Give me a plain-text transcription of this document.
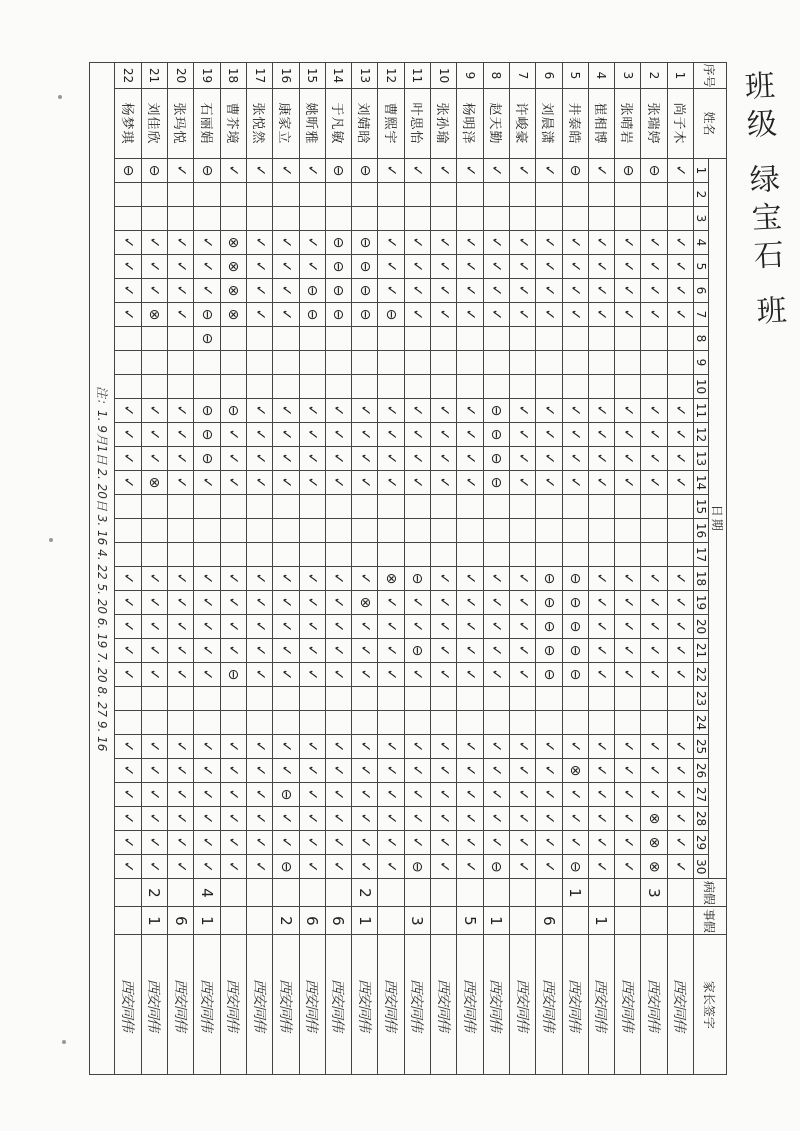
班级 绿宝石 班
序号	姓名	日期																														病假	事假	家长签字
		1	2	3	4	5	6	7	8	9	10	11	12	13	14	15	16	17	18	19	20	21	22	23	24	25	26	27	28	29	30			
1	尚子木	✓			✓	✓	✓	✓				✓	✓	✓	✓				✓	✓	✓	✓	✓			✓	✓	✓	✓	✓	✓			西安同伟
2	张瑞婷	⊖			✓	✓	✓	✓				✓	✓	✓	✓				✓	✓	✓	✓	✓			✓	✓	✓	⊗	⊗	⊗	3		西安同伟
3	张晴岩	⊖			✓	✓	✓	✓				✓	✓	✓	✓				✓	✓	✓	✓	✓			✓	✓	✓	✓	✓	✓			西安同伟
4	崔相博	✓			✓	✓	✓	✓				✓	✓	✓	✓				✓	✓	✓	✓	✓			✓	✓	✓	✓	✓	✓		1	西安同伟
5	井泰皓	⊖			✓	✓	✓	✓				✓	✓	✓	✓				⊖	⊖	⊖	⊖	⊖			✓	⊗	✓	✓	✓	⊖	1		西安同伟
6	刘晨潇	✓			✓	✓	✓	✓				✓	✓	✓	✓				⊖	⊖	⊖	⊖	⊖			✓	✓	✓	✓	✓	✓		6	西安同伟
7	许峻豪	✓			✓	✓	✓	✓				✓	✓	✓	✓				✓	✓	✓	✓	✓			✓	✓	✓	✓	✓	✓			西安同伟
8	赵天勤	✓			✓	✓	✓	✓				⊖	⊖	⊖	⊖				✓	✓	✓	✓	✓			✓	✓	✓	✓	✓	⊖		1	西安同伟
9	杨明泽	✓			✓	✓	✓	✓				✓	✓	✓	✓				✓	✓	✓	✓	✓			✓	✓	✓	✓	✓	✓		5	西安同伟
10	张孙瑜	✓			✓	✓	✓	✓				✓	✓	✓	✓				✓	✓	✓	✓	✓			✓	✓	✓	✓	✓	✓			西安同伟
11	叶思怡	✓			✓	✓	✓	✓				✓	✓	✓	✓				⊖	✓	✓	⊖	✓			✓	✓	✓	✓	✓	⊖		3	西安同伟
12	曹熙宇	✓			✓	✓	✓	⊖				✓	✓	✓	✓				⊗	✓	✓	✓	✓			✓	✓	✓	✓	✓	✓			西安同伟
13	刘婧晗	⊖			⊖	⊖	⊖	⊖				✓	✓	✓	✓				✓	⊗	✓	✓	✓			✓	✓	✓	✓	✓	✓	2	1	西安同伟
14	于凡敏	⊖			⊖	⊖	⊖	⊖				✓	✓	✓	✓				✓	✓	✓	✓	✓			✓	✓	✓	✓	✓	✓		6	西安同伟
15	姚昕雅	✓			✓	✓	⊖	⊖				✓	✓	✓	✓				✓	✓	✓	✓	✓			✓	✓	✓	✓	✓	✓		6	西安同伟
16	康家立	✓			✓	✓	✓	✓				✓	✓	✓	✓				✓	✓	✓	✓	✓			✓	✓	⊖	✓	✓	⊖		2	西安同伟
17	张悦然	✓			✓	✓	✓	✓				✓	✓	✓	✓				✓	✓	✓	✓	✓			✓	✓	✓	✓	✓	✓			西安同伟
18	曹芥境	✓			⊗	⊗	⊗	⊗				⊖	✓	✓	✓				✓	✓	✓	✓	⊖			✓	✓	✓	✓	✓	✓			西安同伟
19	石丽娟	⊖			✓	✓	✓	⊖	⊖			⊖	⊖	⊖	✓				✓	✓	✓	✓	✓			✓	✓	✓	✓	✓	✓	4	1	西安同伟
20	张玛悦	✓			✓	✓	✓	✓				✓	✓	✓	✓				✓	✓	✓	✓	✓			✓	✓	✓	✓	✓	✓		6	西安同伟
21	刘佳欣	⊖			✓	✓	✓	⊗				✓	✓	✓	⊗				✓	✓	✓	✓	✓			✓	✓	✓	✓	✓	✓	2	1	西安同伟
22	杨梦琪	⊖			✓	✓	✓	✓				✓	✓	✓	✓				✓	✓	✓	✓	✓			✓	✓	✓	✓	✓	✓			西安同伟
注：1. 9月1日 2. 20日 3. 16 4. 22 5. 20 6. 19 7. 20 8. 27 9. 16																																		
